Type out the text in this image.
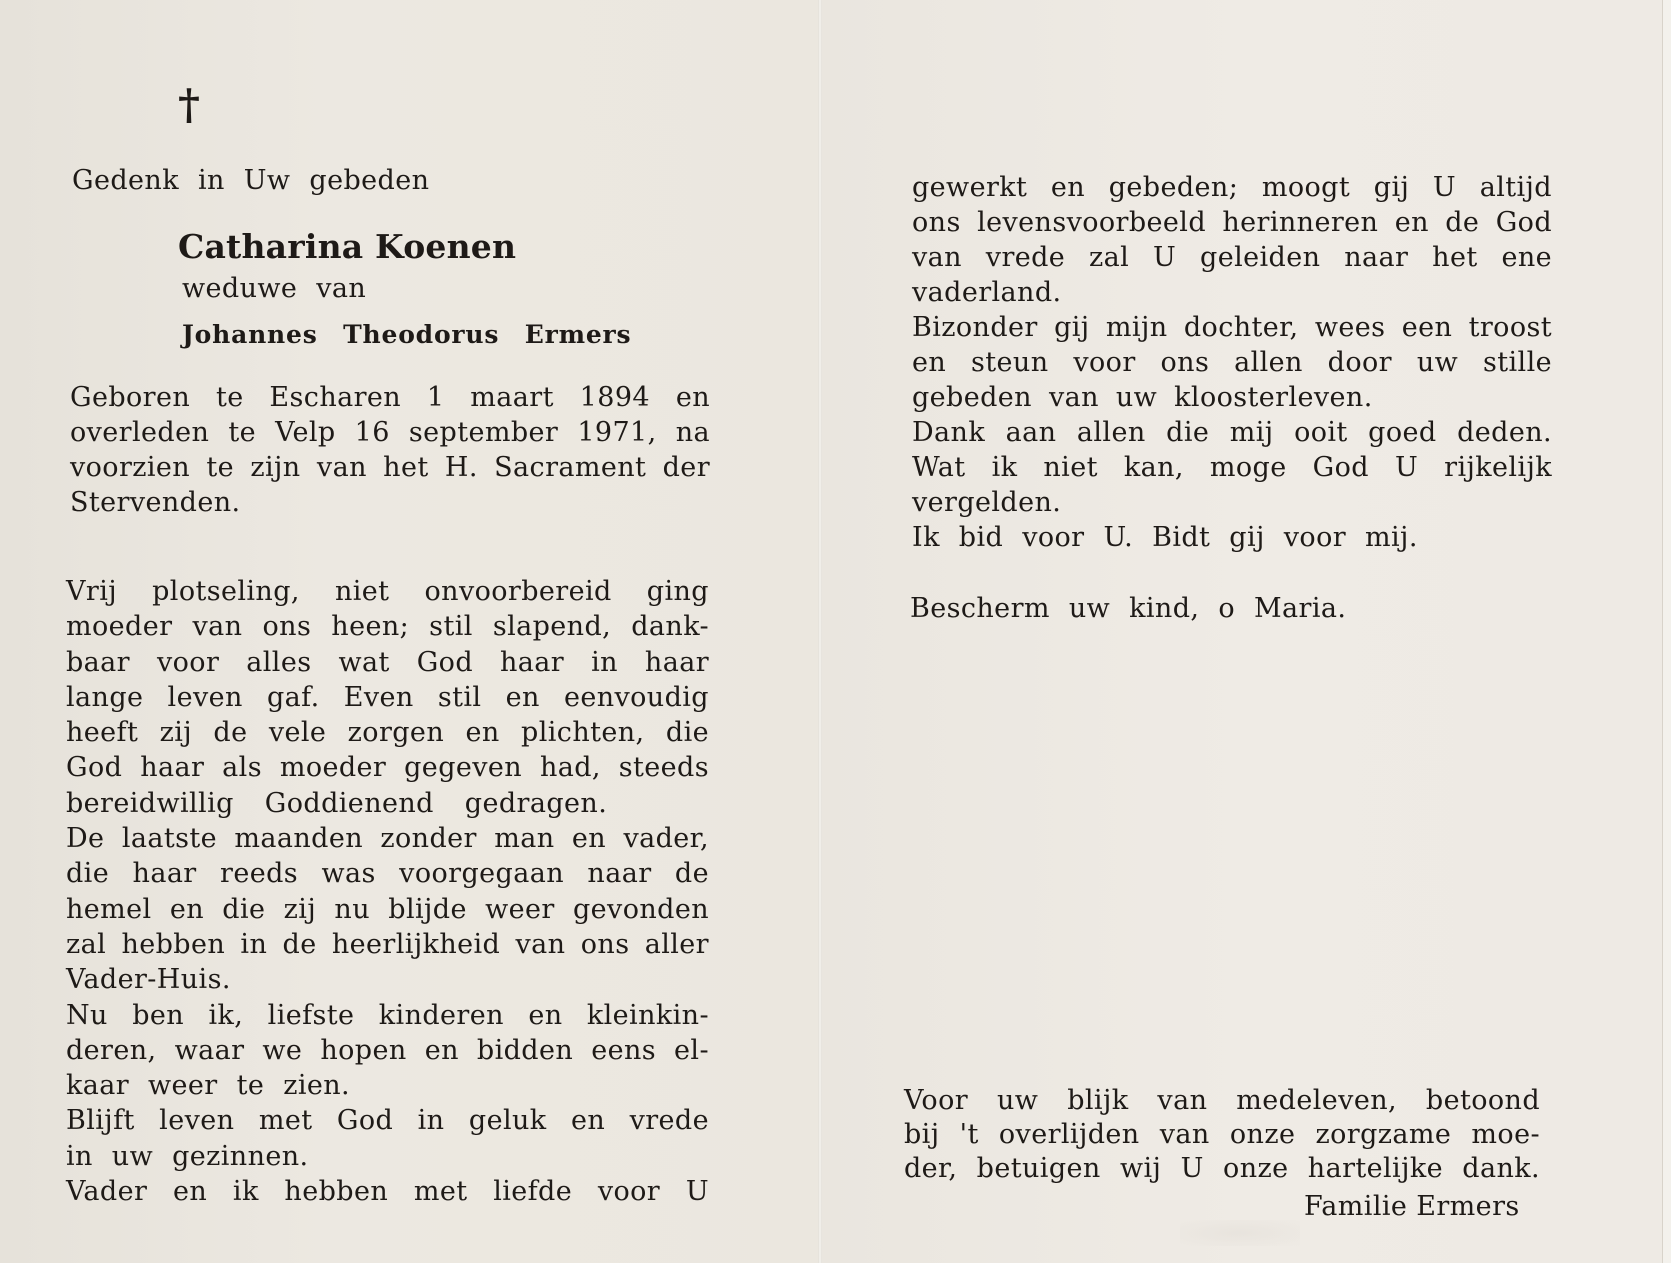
†
Gedenk in Uw gebeden
Catharina Koenen
weduwe van
Johannes Theodorus Ermers
Geboren te Escharen 1 maart 1894 en
overleden te Velp 16 september 1971, na
voorzien te zijn van het H. Sacrament der
Stervenden.
Vrij plotseling, niet onvoorbereid ging
moeder van ons heen; stil slapend, dank-
baar voor alles wat God haar in haar
lange leven gaf. Even stil en eenvoudig
heeft zij de vele zorgen en plichten, die
God haar als moeder gegeven had, steeds
bereidwillig Goddienend gedragen.
De laatste maanden zonder man en vader,
die haar reeds was voorgegaan naar de
hemel en die zij nu blijde weer gevonden
zal hebben in de heerlijkheid van ons aller
Vader-Huis.
Nu ben ik, liefste kinderen en kleinkin-
deren, waar we hopen en bidden eens el-
kaar weer te zien.
Blijft leven met God in geluk en vrede
in uw gezinnen.
Vader en ik hebben met liefde voor U
gewerkt en gebeden; moogt gij U altijd
ons levensvoorbeeld herinneren en de God
van vrede zal U geleiden naar het ene
vaderland.
Bizonder gij mijn dochter, wees een troost
en steun voor ons allen door uw stille
gebeden van uw kloosterleven.
Dank aan allen die mij ooit goed deden.
Wat ik niet kan, moge God U rijkelijk
vergelden.
Ik bid voor U. Bidt gij voor mij.
Bescherm uw kind, o Maria.
Voor uw blijk van medeleven, betoond
bij 't overlijden van onze zorgzame moe-
der, betuigen wij U onze hartelijke dank.
Familie Ermers
